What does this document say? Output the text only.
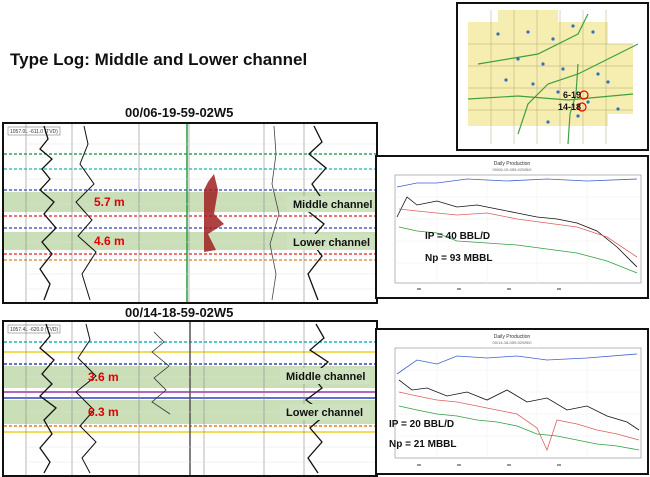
Type Log: Middle and Lower channel
6-19
14-18
00/06-19-59-02W5
1057.0L -611.0 (TVD)
5.7 m
4.6 m
Middle channel
Lower channel
00/14-18-59-02W5
1057.4L -620.0 (TVD)
3.6 m
6.3 m
Middle channel
Lower channel
Daily Production
00/06-19-059-02W5/0
IP = 40 BBL/D
Np = 93 MBBL
Daily Production
00/14-18-059-02W5/0
IP = 20 BBL/D
Np = 21 MBBL
